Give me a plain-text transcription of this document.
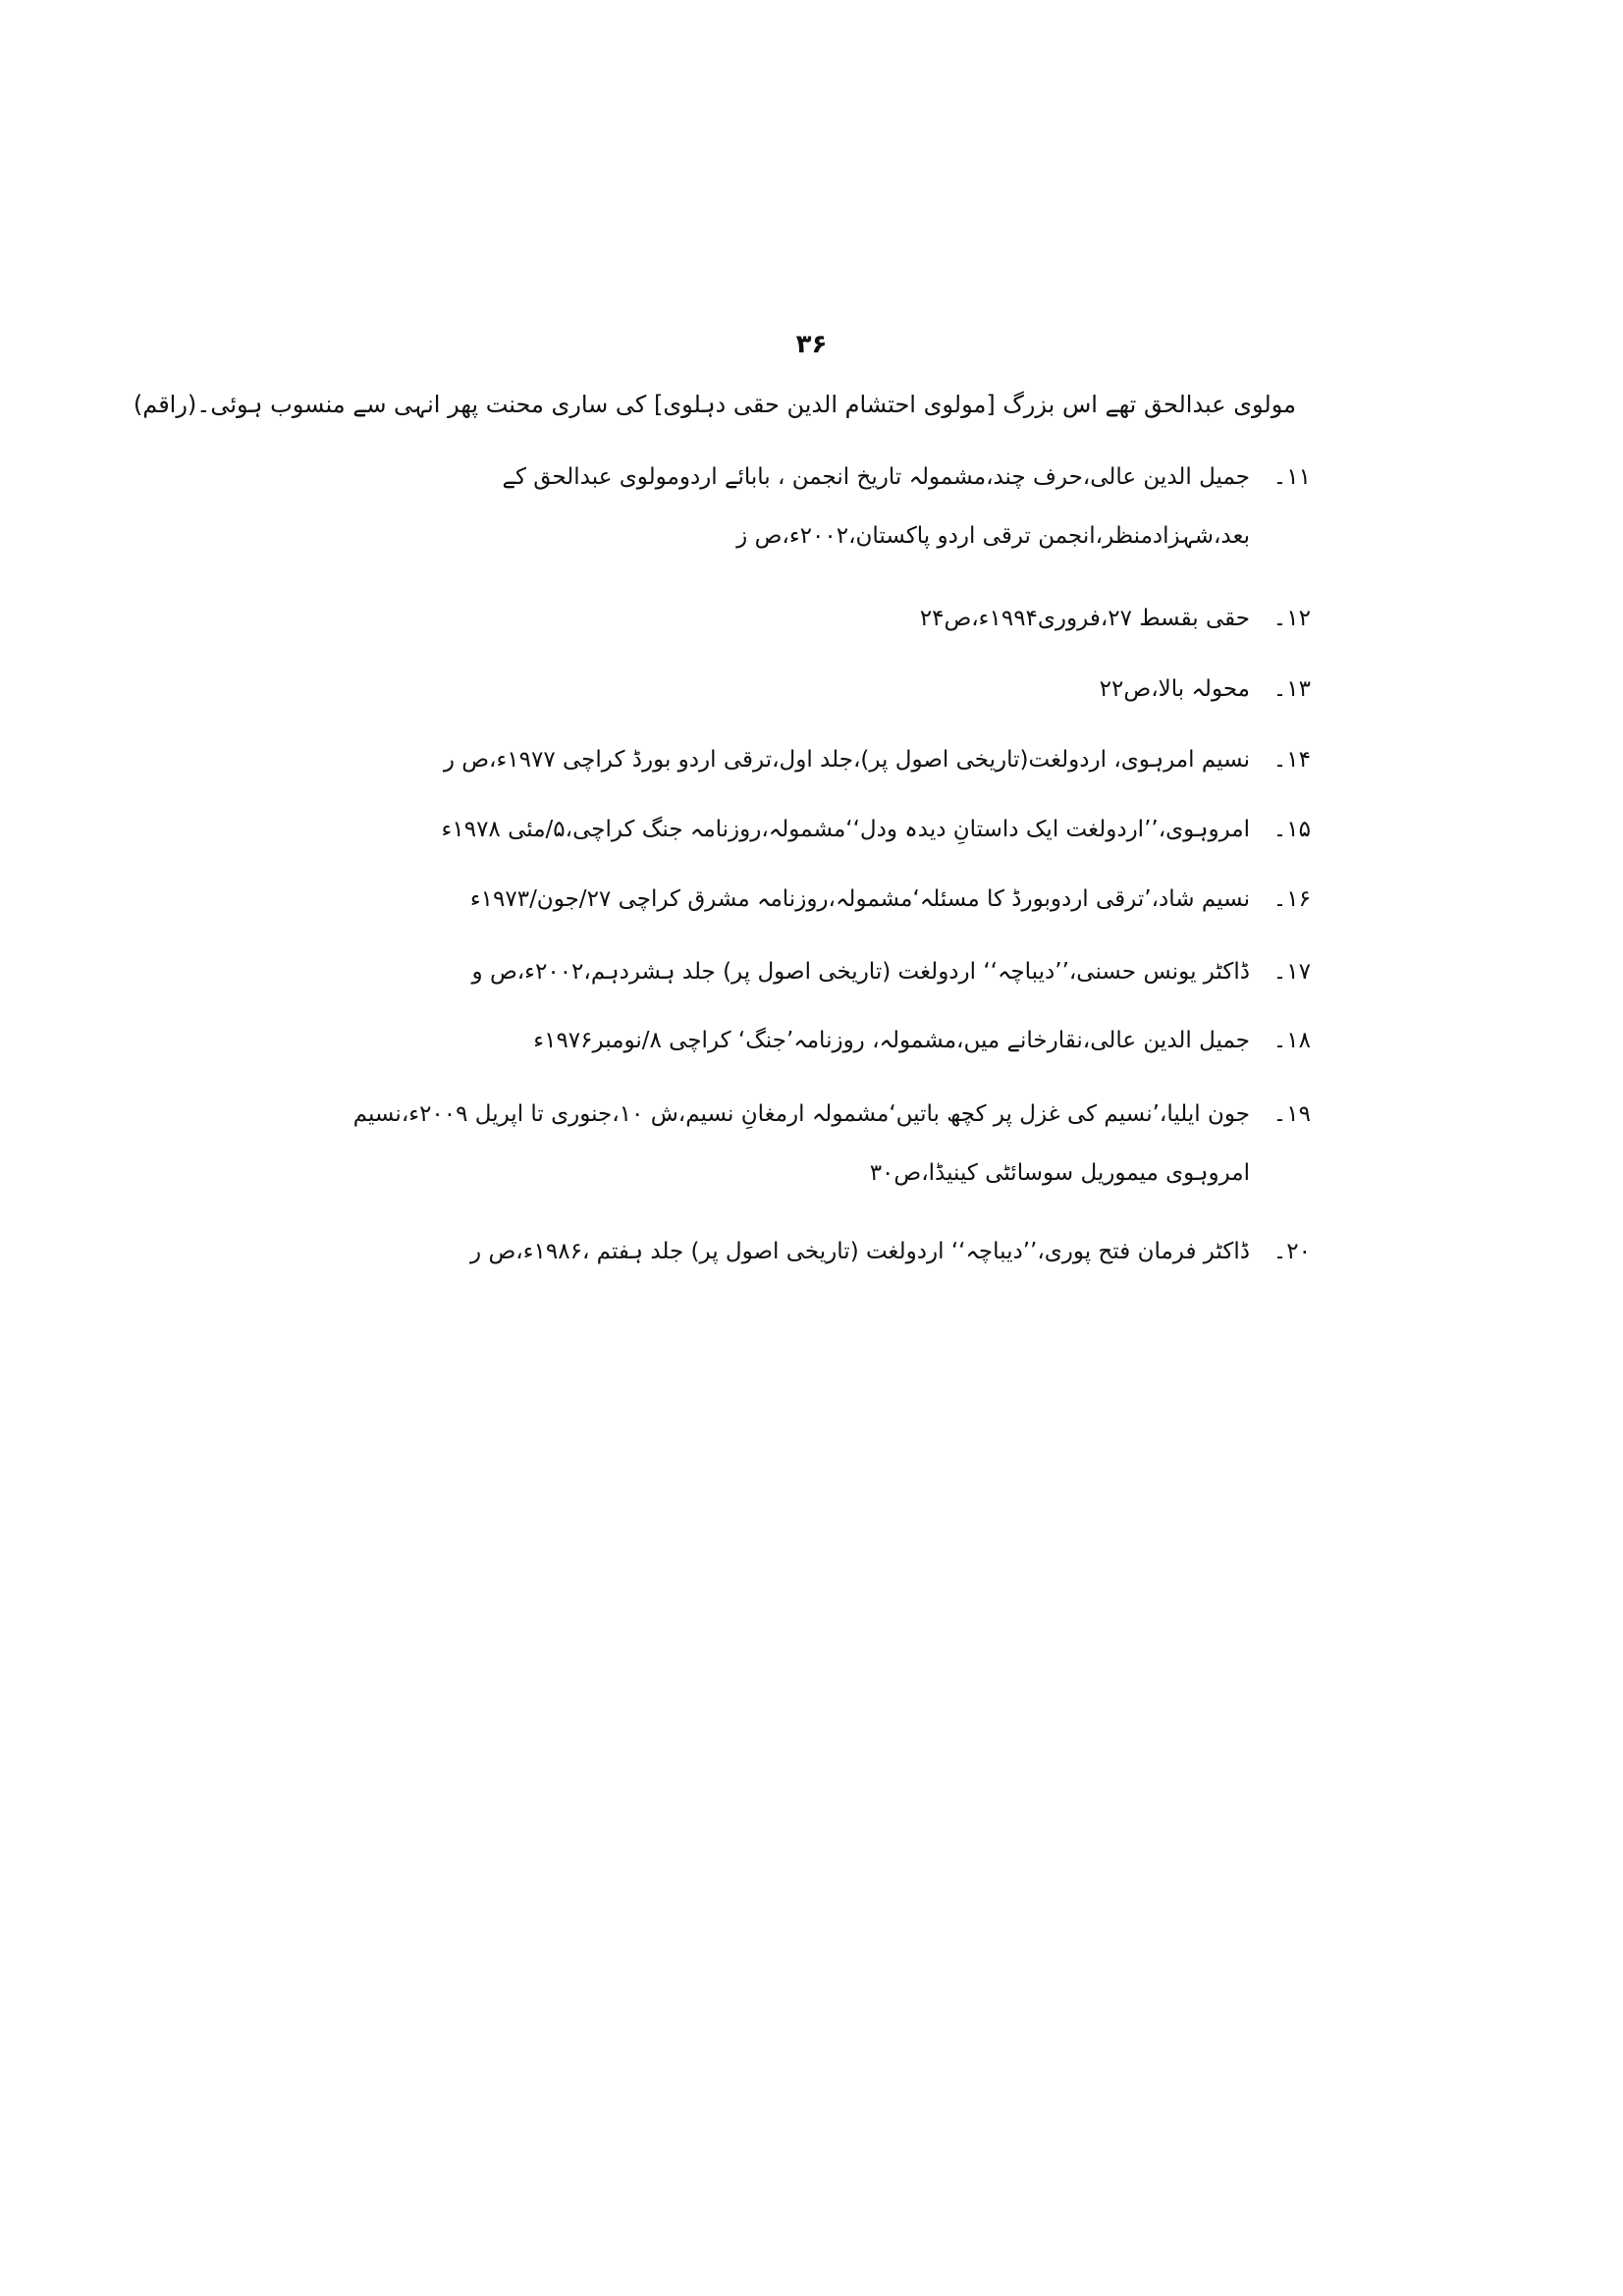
۳۶
مولوی عبدالحق تھے اس بزرگ [مولوی احتشام الدین حقی دہلوی] کی ساری محنت پھر انہی سے منسوب ہوئی۔(راقم)
۱۱۔
جمیل الدین عالی،حرف چند،مشمولہ تاریخ انجمن ، بابائے اردومولوی عبدالحق کے بعد،شہزادمنظر،انجمن ترقی اردو پاکستان،۲۰۰۲ء،ص ز
۱۲۔
حقی بقسط ۲۷،فروری۱۹۹۴ء،ص۲۴
۱۳۔
محولہ بالا،ص۲۲
۱۴۔
نسیم امرہوی، اردولغت(تاریخی اصول پر)،جلد اول،ترقی اردو بورڈ کراچی ۱۹۷۷ء،ص ر
۱۵۔
امروہوی،’’اردولغت ایک داستانِ دیدہ ودل‘‘مشمولہ،روزنامہ جنگ کراچی،۵/مئی ۱۹۷۸ء
۱۶۔
نسیم شاد،’ترقی اردوبورڈ کا مسئلہ‘مشمولہ،روزنامہ مشرق کراچی ۲۷/جون/۱۹۷۳ء
۱۷۔
ڈاکٹر یونس حسنی،’’دیباچہ‘‘ اردولغت (تاریخی اصول پر) جلد ہشردہم،۲۰۰۲ء،ص و
۱۸۔
جمیل الدین عالی،نقارخانے میں،مشمولہ، روزنامہ’جنگ‘ کراچی ۸/نومبر۱۹۷۶ء
۱۹۔
جون ایلیا،’نسیم کی غزل پر کچھ باتیں‘مشمولہ ارمغانِ نسیم،ش ۱۰،جنوری تا اپریل ۲۰۰۹ء،نسیم امروہوی میموریل سوسائٹی کینیڈا،ص۳۰
۲۰۔
ڈاکٹر فرمان فتح پوری،’’دیباچہ‘‘ اردولغت (تاریخی اصول پر) جلد ہفتم ،۱۹۸۶ء،ص ر
